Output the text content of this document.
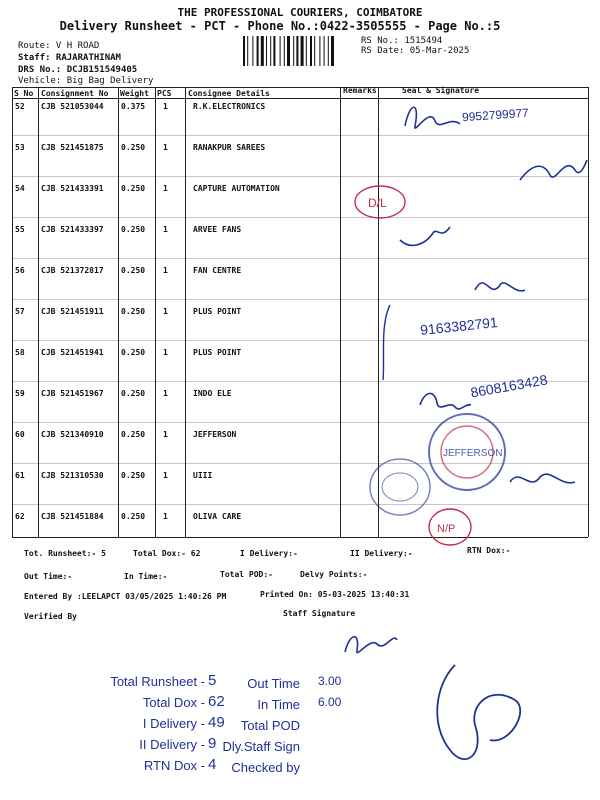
THE PROFESSIONAL COURIERS, COIMBATORE
Delivery Runsheet - PCT - Phone No.:0422-3505555 - Page No.:5
Route: V H ROAD
Staff: RAJARATHINAM
DRS No.: DCJB151549405
Vehicle: Big Bag Delivery
RS No.: 1515494
RS Date: 05-Mar-2025
S No Consignment No Weight PCS Consignee Details	Remarks	Seal & Signature
52 CJB 521053044 0.375 1	R.K.ELECTRONICS
53 CJB 521451875 0.250 1	RANAKPUR SAREES
54 CJB 521433391 0.250 1	CAPTURE AUTOMATION
55 CJB 521433397 0.250 1	ARVEE FANS
56 CJB 521372817 0.250 1	FAN CENTRE
57 CJB 521451911 0.250 1	PLUS POINT
58 CJB 521451941 0.250 1	PLUS POINT
59 CJB 521451967 0.250 1	INDO ELE
60 CJB 521340910 0.250 1	JEFFERSON
61 CJB 521310530 0.250 1	UIII
62 CJB 521451884 0.250 1	OLIVA CARE
9952799977
D/L
9163382791
8608163428
JEFFERSON
N/P
Tot. Runsheet:- 5	Total Dox:- 62	I Delivery:-	II Delivery:-	RTN Dox:-
Out Time:-	In Time:-	Total POD:-	Delvy Points:-
Entered By :LEELAPCT 03/05/2025 1:40:26 PM	Printed On: 05-03-2025 13:40:31
Verified By	Staff Signature
Total Runsheet - 5
Total Dox - 62
I Delivery - 49
II Delivery - 9
RTN Dox - 4
Out Time 3.00
In Time 6.00
Total POD
Dly.Staff Sign
Checked by
